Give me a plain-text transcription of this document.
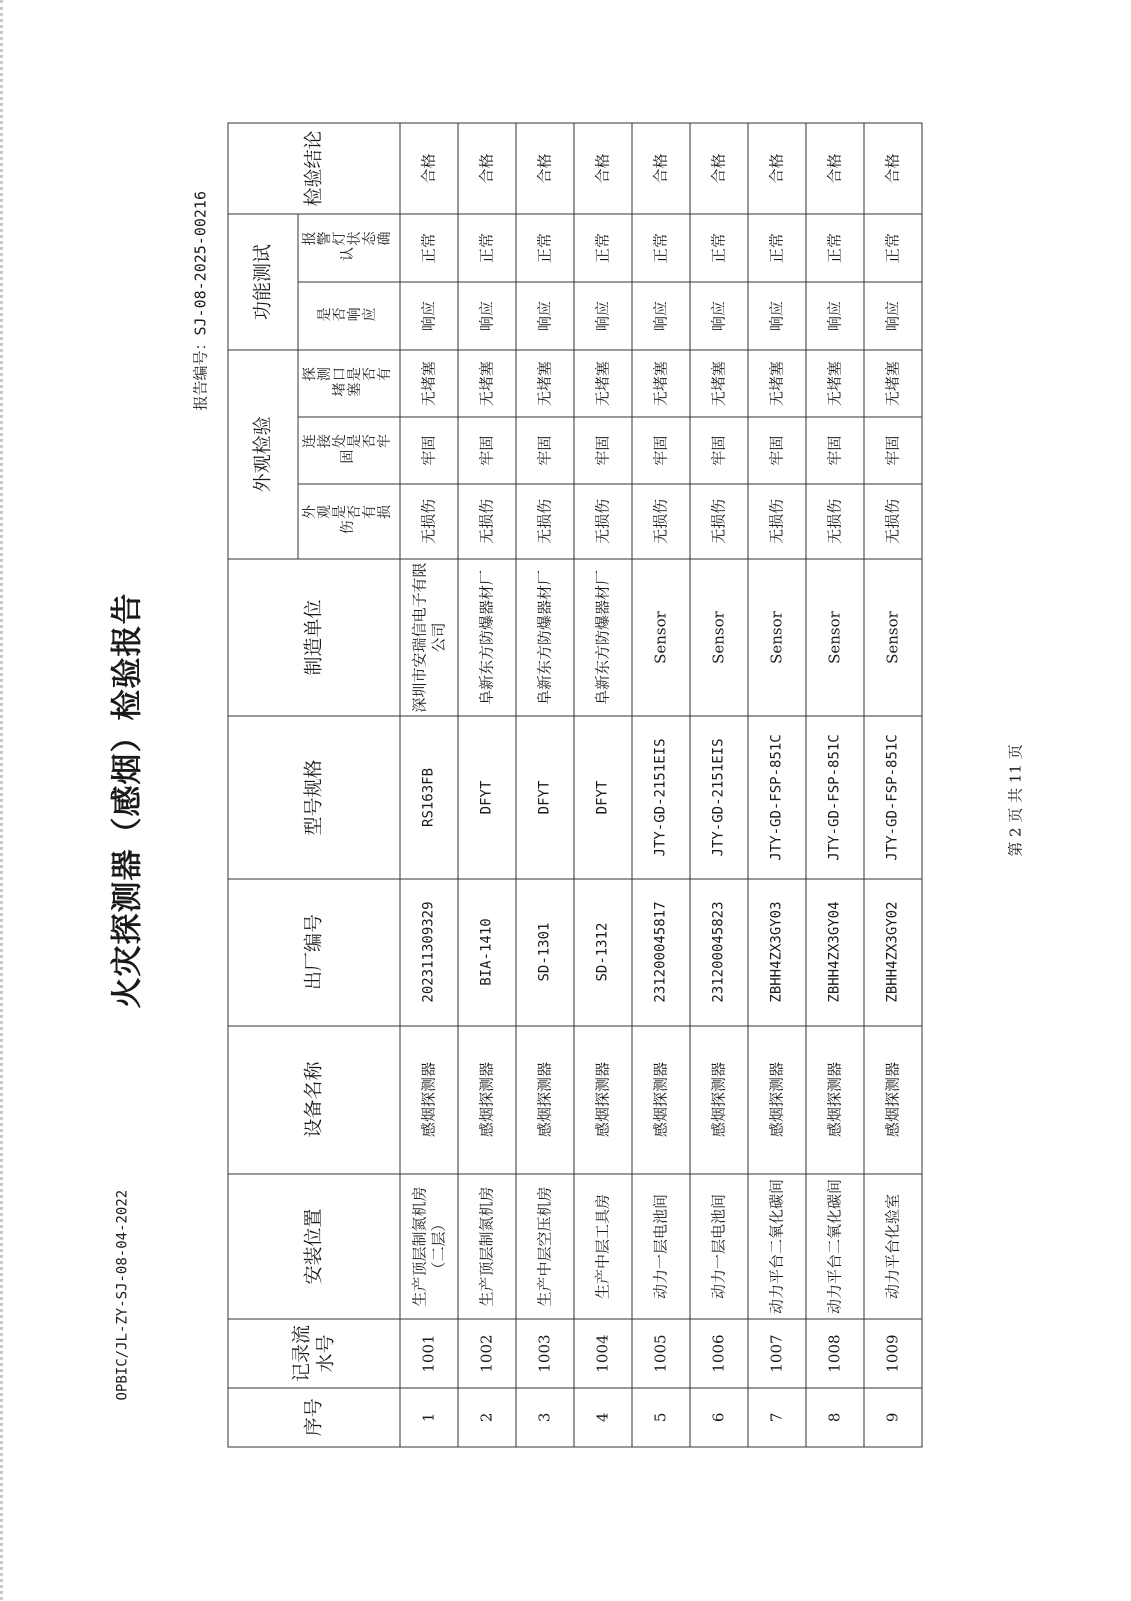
火灾探测器（感烟）检验报告
OPBIC/JL-ZY-SJ-08-04-2022
报告编号：SJ-08-2025-00216
序号	记录流水号	安装位置	设备名称	出厂编号	型号规格	制造单位	外观检验			功能测试		检验结论
							外观是否有损伤	连接处是否牢固	探测口是否有堵塞	是否响应	报警灯状态确认	
1	1001	生产顶层制氮机房（二层）	感烟探测器	202311309329	RS163FB	深圳市安瑞信电子有限公司	无损伤	牢固	无堵塞	响应	正常	合格
2	1002	生产顶层制氮机房	感烟探测器	BIA-1410	DFYT	阜新东方防爆器材厂	无损伤	牢固	无堵塞	响应	正常	合格
3	1003	生产中层空压机房	感烟探测器	SD-1301	DFYT	阜新东方防爆器材厂	无损伤	牢固	无堵塞	响应	正常	合格
4	1004	生产中层工具房	感烟探测器	SD-1312	DFYT	阜新东方防爆器材厂	无损伤	牢固	无堵塞	响应	正常	合格
5	1005	动力一层电池间	感烟探测器	231200045817	JTY-GD-2151EIS	Sensor	无损伤	牢固	无堵塞	响应	正常	合格
6	1006	动力一层电池间	感烟探测器	231200045823	JTY-GD-2151EIS	Sensor	无损伤	牢固	无堵塞	响应	正常	合格
7	1007	动力平台二氧化碳间	感烟探测器	ZBHH4ZX3GY03	JTY-GD-FSP-851C	Sensor	无损伤	牢固	无堵塞	响应	正常	合格
8	1008	动力平台二氧化碳间	感烟探测器	ZBHH4ZX3GY04	JTY-GD-FSP-851C	Sensor	无损伤	牢固	无堵塞	响应	正常	合格
9	1009	动力平台化验室	感烟探测器	ZBHH4ZX3GY02	JTY-GD-FSP-851C	Sensor	无损伤	牢固	无堵塞	响应	正常	合格
第 2 页 共 11 页
